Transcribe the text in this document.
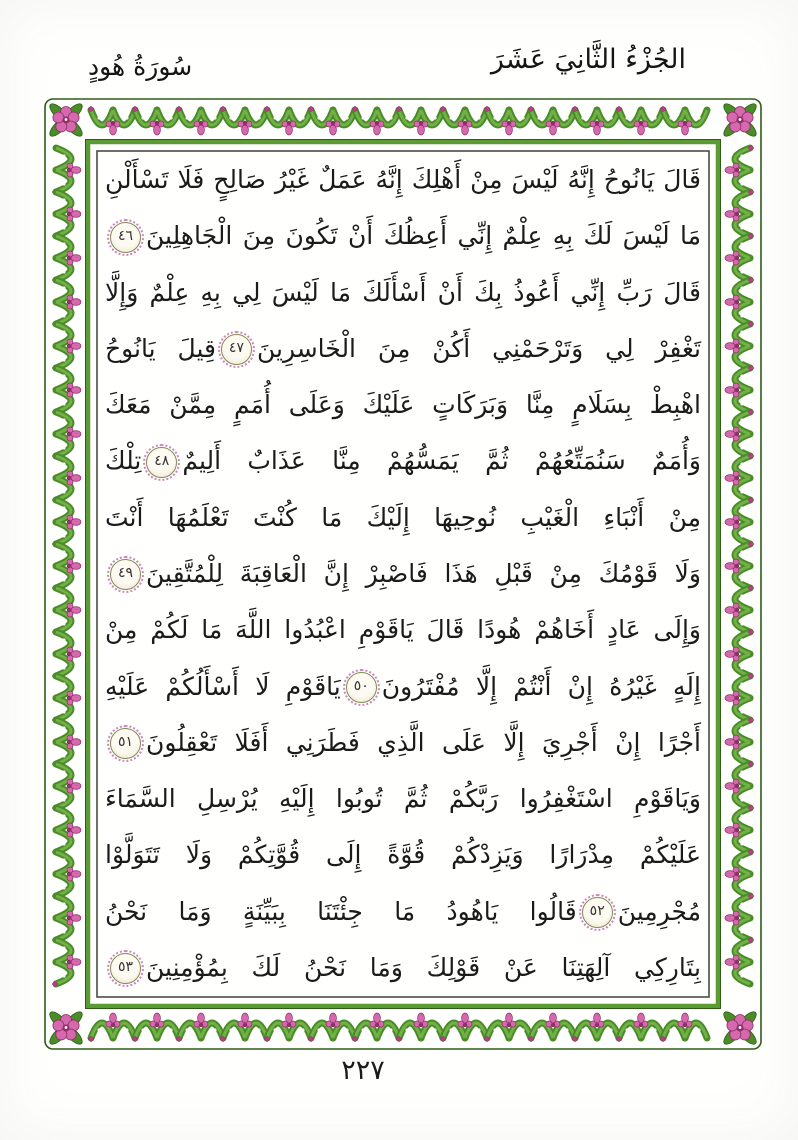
الجُزْءُ الثَّانِيَ عَشَرَ
سُورَةُ هُودٍ
قَالَ يَانُوحُ إِنَّهُ لَيْسَ مِنْ أَهْلِكَ إِنَّهُ عَمَلٌ غَيْرُ صَالِحٍ فَلَا تَسْأَلْنِ
مَا لَيْسَ لَكَ بِهِ عِلْمٌ إِنِّي أَعِظُكَ أَنْ تَكُونَ مِنَ الْجَاهِلِينَ٤٦
قَالَ رَبِّ إِنِّي أَعُوذُ بِكَ أَنْ أَسْأَلَكَ مَا لَيْسَ لِي بِهِ عِلْمٌ وَإِلَّا
تَغْفِرْ لِي وَتَرْحَمْنِي أَكُنْ مِنَ الْخَاسِرِينَ٤٧قِيلَ يَانُوحُ
اهْبِطْ بِسَلَامٍ مِنَّا وَبَرَكَاتٍ عَلَيْكَ وَعَلَى أُمَمٍ مِمَّنْ مَعَكَ
وَأُمَمٌ سَنُمَتِّعُهُمْ ثُمَّ يَمَسُّهُمْ مِنَّا عَذَابٌ أَلِيمٌ٤٨تِلْكَ
مِنْ أَنْبَاءِ الْغَيْبِ نُوحِيهَا إِلَيْكَ مَا كُنْتَ تَعْلَمُهَا أَنْتَ
وَلَا قَوْمُكَ مِنْ قَبْلِ هَذَا فَاصْبِرْ إِنَّ الْعَاقِبَةَ لِلْمُتَّقِينَ٤٩
وَإِلَى عَادٍ أَخَاهُمْ هُودًا قَالَ يَاقَوْمِ اعْبُدُوا اللَّهَ مَا لَكُمْ مِنْ
إِلَهٍ غَيْرُهُ إِنْ أَنْتُمْ إِلَّا مُفْتَرُونَ٥٠يَاقَوْمِ لَا أَسْأَلُكُمْ عَلَيْهِ
أَجْرًا إِنْ أَجْرِيَ إِلَّا عَلَى الَّذِي فَطَرَنِي أَفَلَا تَعْقِلُونَ٥١
وَيَاقَوْمِ اسْتَغْفِرُوا رَبَّكُمْ ثُمَّ تُوبُوا إِلَيْهِ يُرْسِلِ السَّمَاءَ
عَلَيْكُمْ مِدْرَارًا وَيَزِدْكُمْ قُوَّةً إِلَى قُوَّتِكُمْ وَلَا تَتَوَلَّوْا
مُجْرِمِينَ٥٢قَالُوا يَاهُودُ مَا جِئْتَنَا بِبَيِّنَةٍ وَمَا نَحْنُ
بِتَارِكِي آلِهَتِنَا عَنْ قَوْلِكَ وَمَا نَحْنُ لَكَ بِمُؤْمِنِينَ٥٣
٢٢٧
